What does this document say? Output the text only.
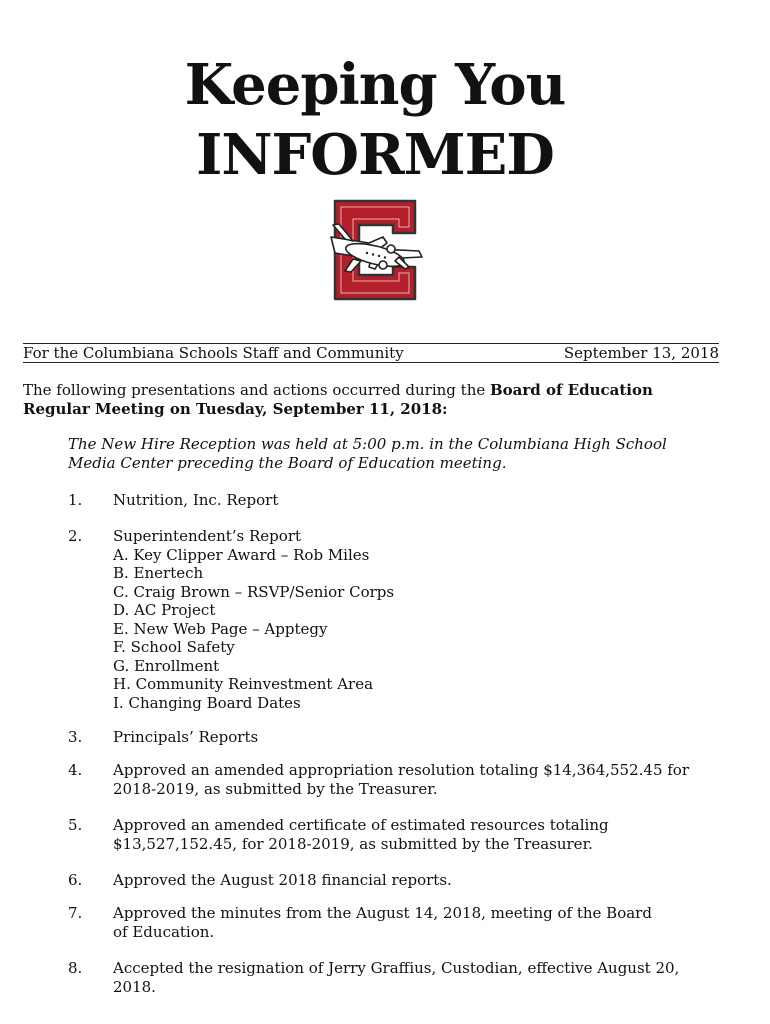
Keeping You
INFORMED
For the Columbiana Schools Staff and Community	September 13, 2018
The following presentations and actions occurred during the Board of Education Regular Meeting on Tuesday, September 11, 2018:
The New Hire Reception was held at 5:00 p.m. in the Columbiana High School Media Center preceding the Board of Education meeting.
1. Nutrition, Inc. Report
2. Superintendent’s Report
A. Key Clipper Award – Rob Miles
B. Enertech
C. Craig Brown – RSVP/Senior Corps
D. AC Project
E. New Web Page – Apptegy
F. School Safety
G. Enrollment
H. Community Reinvestment Area
I. Changing Board Dates
3. Principals’ Reports
4. Approved an amended appropriation resolution totaling $14,364,552.45 for 2018-2019, as submitted by the Treasurer.
5. Approved an amended certificate of estimated resources totaling $13,527,152.45, for 2018-2019, as submitted by the Treasurer.
6. Approved the August 2018 financial reports.
7. Approved the minutes from the August 14, 2018, meeting of the Board of Education.
8. Accepted the resignation of Jerry Graffius, Custodian, effective August 20, 2018.
